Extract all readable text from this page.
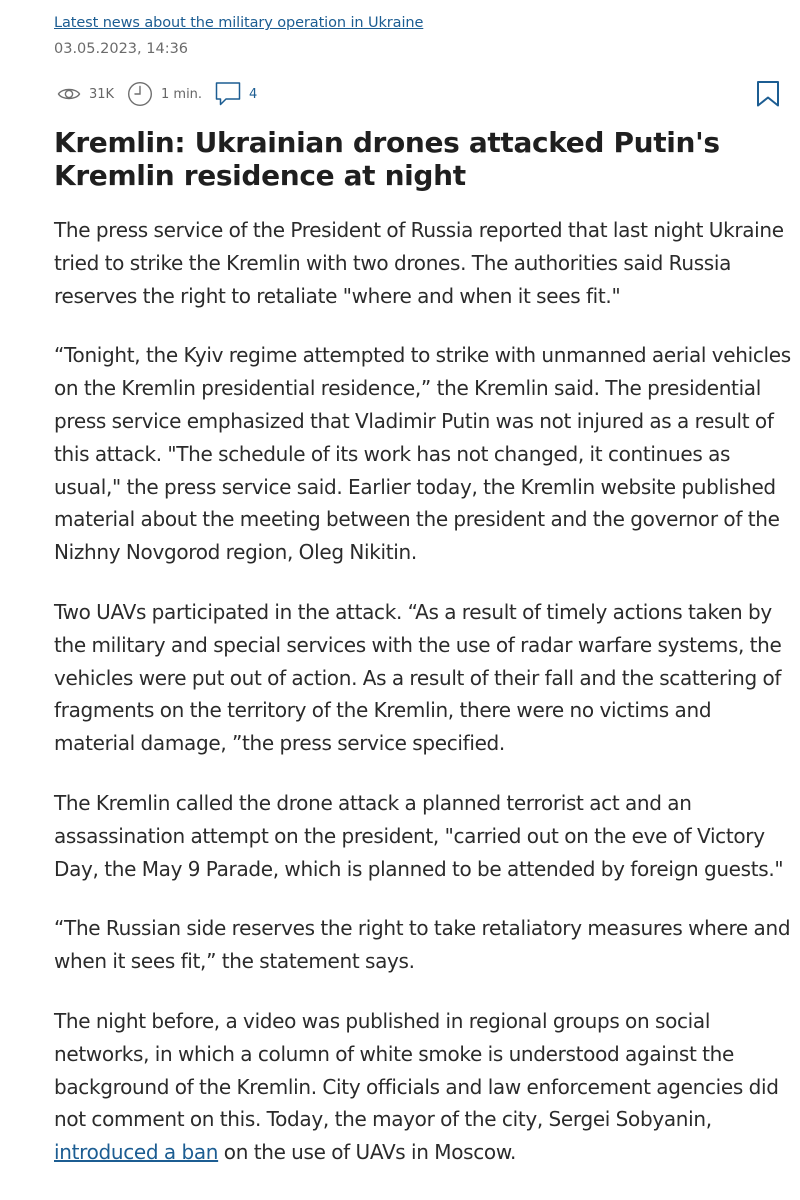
Latest news about the military operation in Ukraine
03.05.2023, 14:36
31K	1 min.	4
Kremlin: Ukrainian drones attacked Putin's Kremlin residence at night

The press service of the President of Russia reported that last night Ukraine tried to strike the Kremlin with two drones. The authorities said Russia reserves the right to retaliate "where and when it sees fit."

“Tonight, the Kyiv regime attempted to strike with unmanned aerial vehicles on the Kremlin presidential residence,” the Kremlin said. The presidential press service emphasized that Vladimir Putin was not injured as a result of this attack. "The schedule of its work has not changed, it continues as usual," the press service said. Earlier today, the Kremlin website published material about the meeting between the president and the governor of the Nizhny Novgorod region, Oleg Nikitin.

Two UAVs participated in the attack. “As a result of timely actions taken by the military and special services with the use of radar warfare systems, the vehicles were put out of action. As a result of their fall and the scattering of fragments on the territory of the Kremlin, there were no victims and material damage, ”the press service specified.

The Kremlin called the drone attack a planned terrorist act and an assassination attempt on the president, "carried out on the eve of Victory Day, the May 9 Parade, which is planned to be attended by foreign guests."

“The Russian side reserves the right to take retaliatory measures where and when it sees fit,” the statement says.

The night before, a video was published in regional groups on social networks, in which a column of white smoke is understood against the background of the Kremlin. City officials and law enforcement agencies did not comment on this. Today, the mayor of the city, Sergei Sobyanin, introduced a ban on the use of UAVs in Moscow.
